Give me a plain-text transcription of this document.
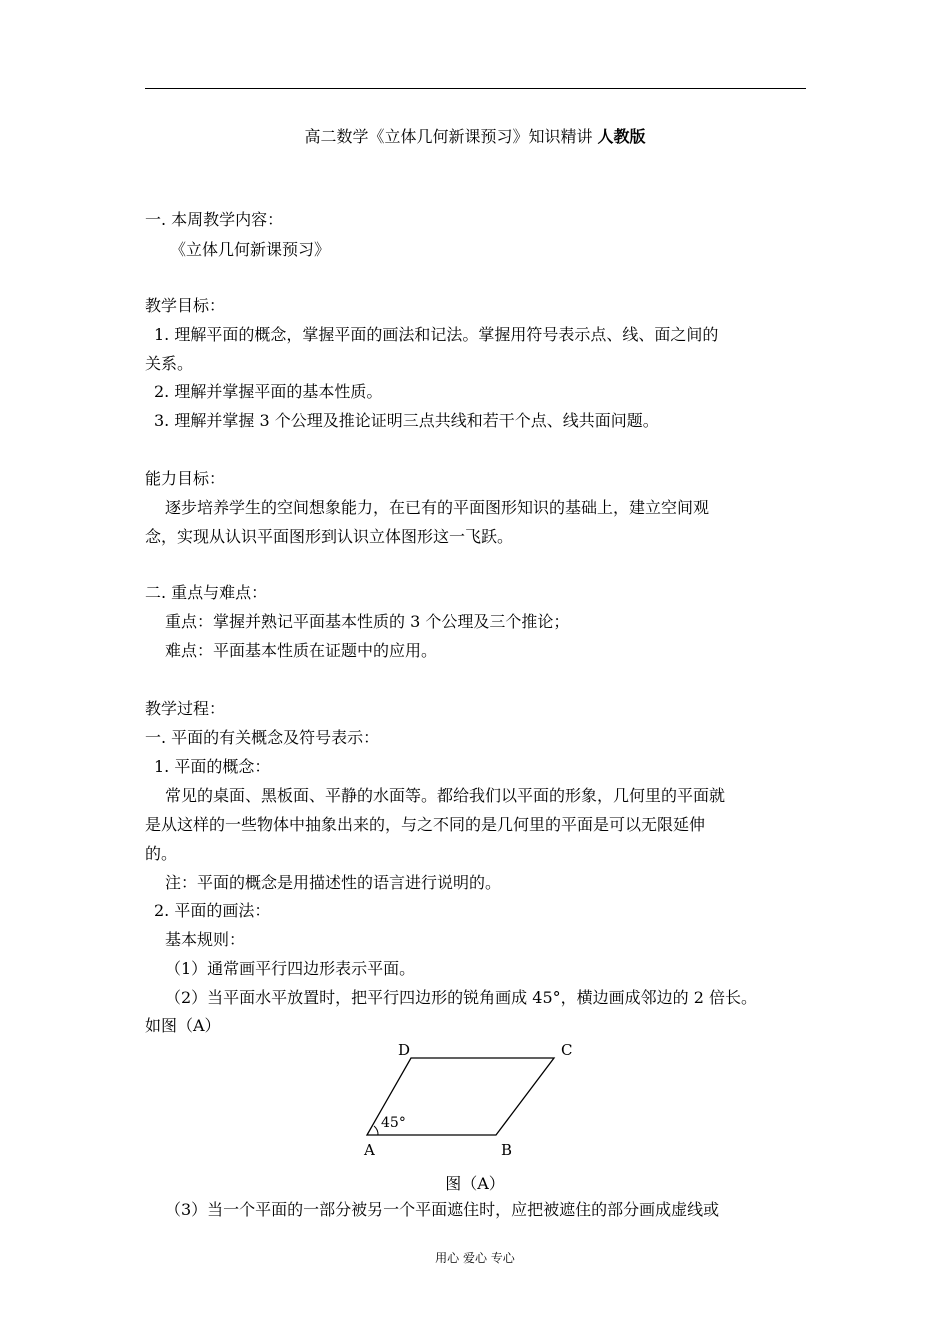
高二数学《立体几何新课预习》知识精讲 人教版
一. 本周教学内容：
《立体几何新课预习》
教学目标：
1. 理解平面的概念，掌握平面的画法和记法。掌握用符号表示点、线、面之间的
关系。
2. 理解并掌握平面的基本性质。
3. 理解并掌握 3 个公理及推论证明三点共线和若干个点、线共面问题。
能力目标：
逐步培养学生的空间想象能力，在已有的平面图形知识的基础上，建立空间观
念，实现从认识平面图形到认识立体图形这一飞跃。
二. 重点与难点：
重点：掌握并熟记平面基本性质的 3 个公理及三个推论；
难点：平面基本性质在证题中的应用。
教学过程：
一. 平面的有关概念及符号表示：
1. 平面的概念：
常见的桌面、黑板面、平静的水面等。都给我们以平面的形象，几何里的平面就
是从这样的一些物体中抽象出来的，与之不同的是几何里的平面是可以无限延伸
的。
注：平面的概念是用描述性的语言进行说明的。
2. 平面的画法：
基本规则：
（1）通常画平行四边形表示平面。
（2）当平面水平放置时，把平行四边形的锐角画成 45°，横边画成邻边的 2 倍长。
如图（A）
D	C
A	B
45°
图（A）
（3）当一个平面的一部分被另一个平面遮住时，应把被遮住的部分画成虚线或
用心 爱心 专心
